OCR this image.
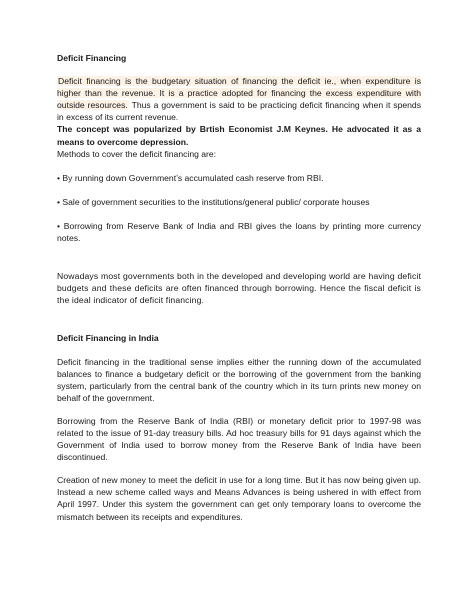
Deficit Financing

Deficit financing is the budgetary situation of financing the deficit ie., when expenditure is higher than the revenue. It is a practice adopted for financing the excess expenditure with outside resources. Thus a government is said to be practicing deficit financing when it spends in excess of its current revenue.

The concept was popularized by Brtish Economist J.M Keynes. He advocated it as a means to overcome depression.

Methods to cover the deficit financing are:

• By running down Government’s accumulated cash reserve from RBI.

• Sale of government securities to the institutions/general public/ corporate houses

• Borrowing from Reserve Bank of India and RBI gives the loans by printing more currency notes.

Nowadays most governments both in the developed and developing world are having deficit budgets and these deficits are often financed through borrowing. Hence the fiscal deficit is the ideal indicator of deficit financing.

Deficit Financing in India

Deficit financing in the traditional sense implies either the running down of the accumulated balances to finance a budgetary deficit or the borrowing of the government from the banking system, particularly from the central bank of the country which in its turn prints new money on behalf of the government.

Borrowing from the Reserve Bank of India (RBI) or monetary deficit prior to 1997-98 was related to the issue of 91-day treasury bills. Ad hoc treasury bills for 91 days against which the Government of India used to borrow money from the Reserve Bank of India have been discontinued.

Creation of new money to meet the deficit in use for a long time. But it has now being given up. Instead a new scheme called ways and Means Advances is being ushered in with effect from April 1997. Under this system the government can get only temporary loans to overcome the mismatch between its receipts and expenditures.
